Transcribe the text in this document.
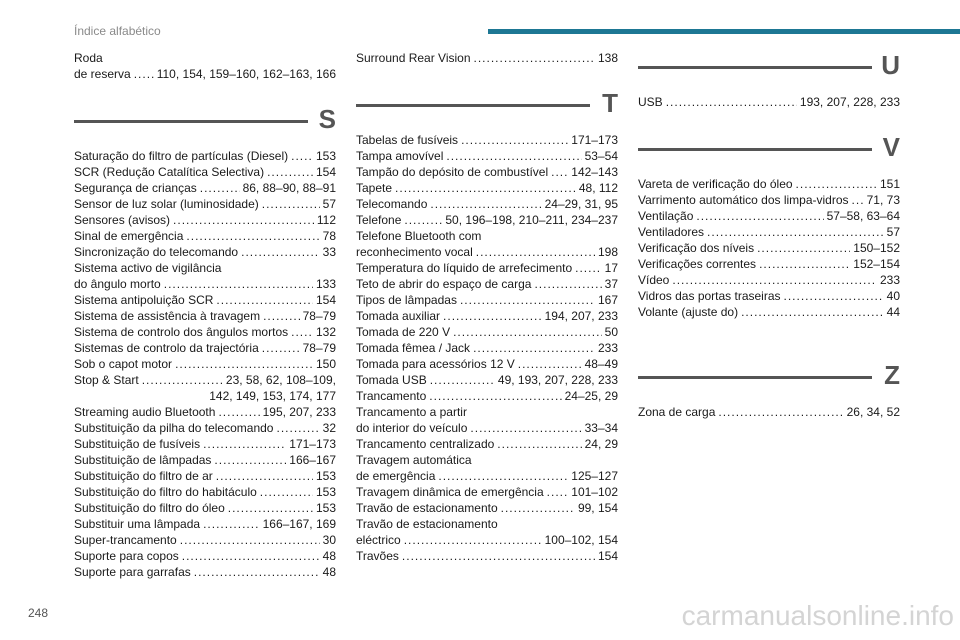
Índice alfabético
Roda
de reserva ..... 110, 154, 159–160, 162–163, 166
S
Saturação do filtro de partículas (Diesel) ..... 153
SCR (Redução Catalítica Selectiva) .....	154
Segurança de crianças .....	86, 88–90, 88–91
Sensor de luz solar (luminosidade) .....	57
Sensores (avisos) .....	112
Sinal de emergência .....	78
Sincronização do telecomando .....	33
Sistema activo de vigilância
do ângulo morto .....	133
Sistema antipoluição SCR .....	154
Sistema de assistência à travagem .....	78–79
Sistema de controlo dos ângulos mortos ..... 132
Sistemas de controlo da trajectória .....	78–79
Sob o capot motor .....	150
Stop & Start .....	23, 58, 62, 108–109,
142, 149, 153, 174, 177
Streaming audio Bluetooth .....	195, 207, 233
Substituição da pilha do telecomando .....	32
Substituição de fusíveis .....	171–173
Substituição de lâmpadas .....	166–167
Substituição do filtro de ar .....	153
Substituição do filtro do habitáculo .....	153
Substituição do filtro do óleo .....	153
Substituir uma lâmpada .....	166–167, 169
Super-trancamento .....	30
Suporte para copos .....	48
Suporte para garrafas .....	48
Surround Rear Vision .....	138
T
Tabelas de fusíveis .....	171–173
Tampa amovível .....	53–54
Tampão do depósito de combustível ..... 142–143
Tapete .....	48, 112
Telecomando .....	24–29, 31, 95
Telefone .....	50, 196–198, 210–211, 234–237
Telefone Bluetooth com
reconhecimento vocal .....	198
Temperatura do líquido de arrefecimento .....	17
Teto de abrir do espaço de carga .....	37
Tipos de lâmpadas .....	167
Tomada auxiliar .....	194, 207, 233
Tomada de 220 V .....	50
Tomada fêmea / Jack .....	233
Tomada para acessórios 12 V .....	48–49
Tomada USB .....	49, 193, 207, 228, 233
Trancamento .....	24–25, 29
Trancamento a partir
do interior do veículo .....	33–34
Trancamento centralizado .....	24, 29
Travagem automática
de emergência .....	125–127
Travagem dinâmica de emergência ..... 101–102
Travão de estacionamento .....	99, 154
Travão de estacionamento
eléctrico .....	100–102, 154
Travões .....	154
U
USB .....	193, 207, 228, 233
V
Vareta de verificação do óleo .....	151
Varrimento automático dos limpa-vidros ..... 71, 73
Ventilação .....	57–58, 63–64
Ventiladores .....	57
Verificação dos níveis .....	150–152
Verificações correntes .....	152–154
Vídeo .....	233
Vidros das portas traseiras .....	40
Volante (ajuste do) .....	44
Z
Zona de carga .....	26, 34, 52
248	carmanualsonline.info
